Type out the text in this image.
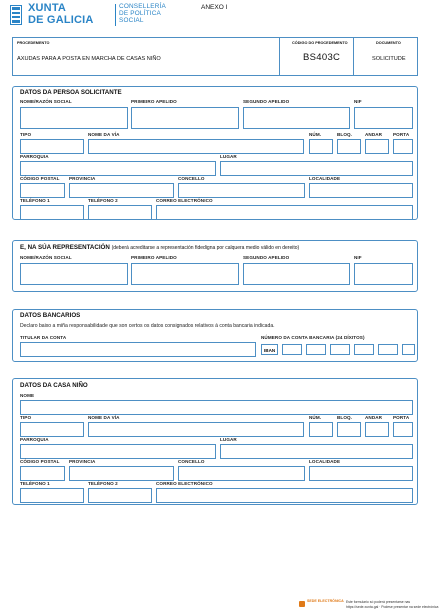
XUNTA
DE GALICIA
CONSELLERÍA
DE POLÍTICA
SOCIAL
ANEXO I
PROCEDEMENTO
AXUDAS PARA A POSTA EN MARCHA DE CASAS NIÑO
CÓDIGO DO PROCEDEMENTO
BS403C
DOCUMENTO
SOLICITUDE
DATOS DA PERSOA SOLICITANTE
NOME/RAZÓN SOCIAL	PRIMEIRO APELIDO	SEGUNDO APELIDO	NIF
TIPO	NOME DA VÍA	NÚM.	BLOQ.	ANDAR PORTA
PARROQUIA	LUGAR
CÓDIGO POSTAL PROVINCIA	CONCELLO	LOCALIDADE
TELÉFONO 1	TELÉFONO 2	CORREO ELECTRÓNICO
E, NA SÚA REPRESENTACIÓN (deberá acreditarse a representación fidedigna por calquera medio válido en dereito)
NOME/RAZÓN SOCIAL	PRIMEIRO APELIDO	SEGUNDO APELIDO	NIF
DATOS BANCARIOS
Declaro baixo a miña responsabilidade que son certos os datos consignados relativos á conta bancaria indicada.
TITULAR DA CONTA	NÚMERO DA CONTA BANCARIA (24 DÍXITOS)
IBAN
DATOS DA CASA NIÑO
NOME
TIPO	NOME DA VÍA	NÚM.	BLOQ.	ANDAR PORTA
PARROQUIA	LUGAR
CÓDIGO POSTAL PROVINCIA	CONCELLO	LOCALIDADE
TELÉFONO 1	TELÉFONO 2	CORREO ELECTRÓNICO
SEDE ELECTRÓNICA Este formulario só poderá presentarse nas
https://sede.xunta.gal · Podese presentar na sede electrónica
